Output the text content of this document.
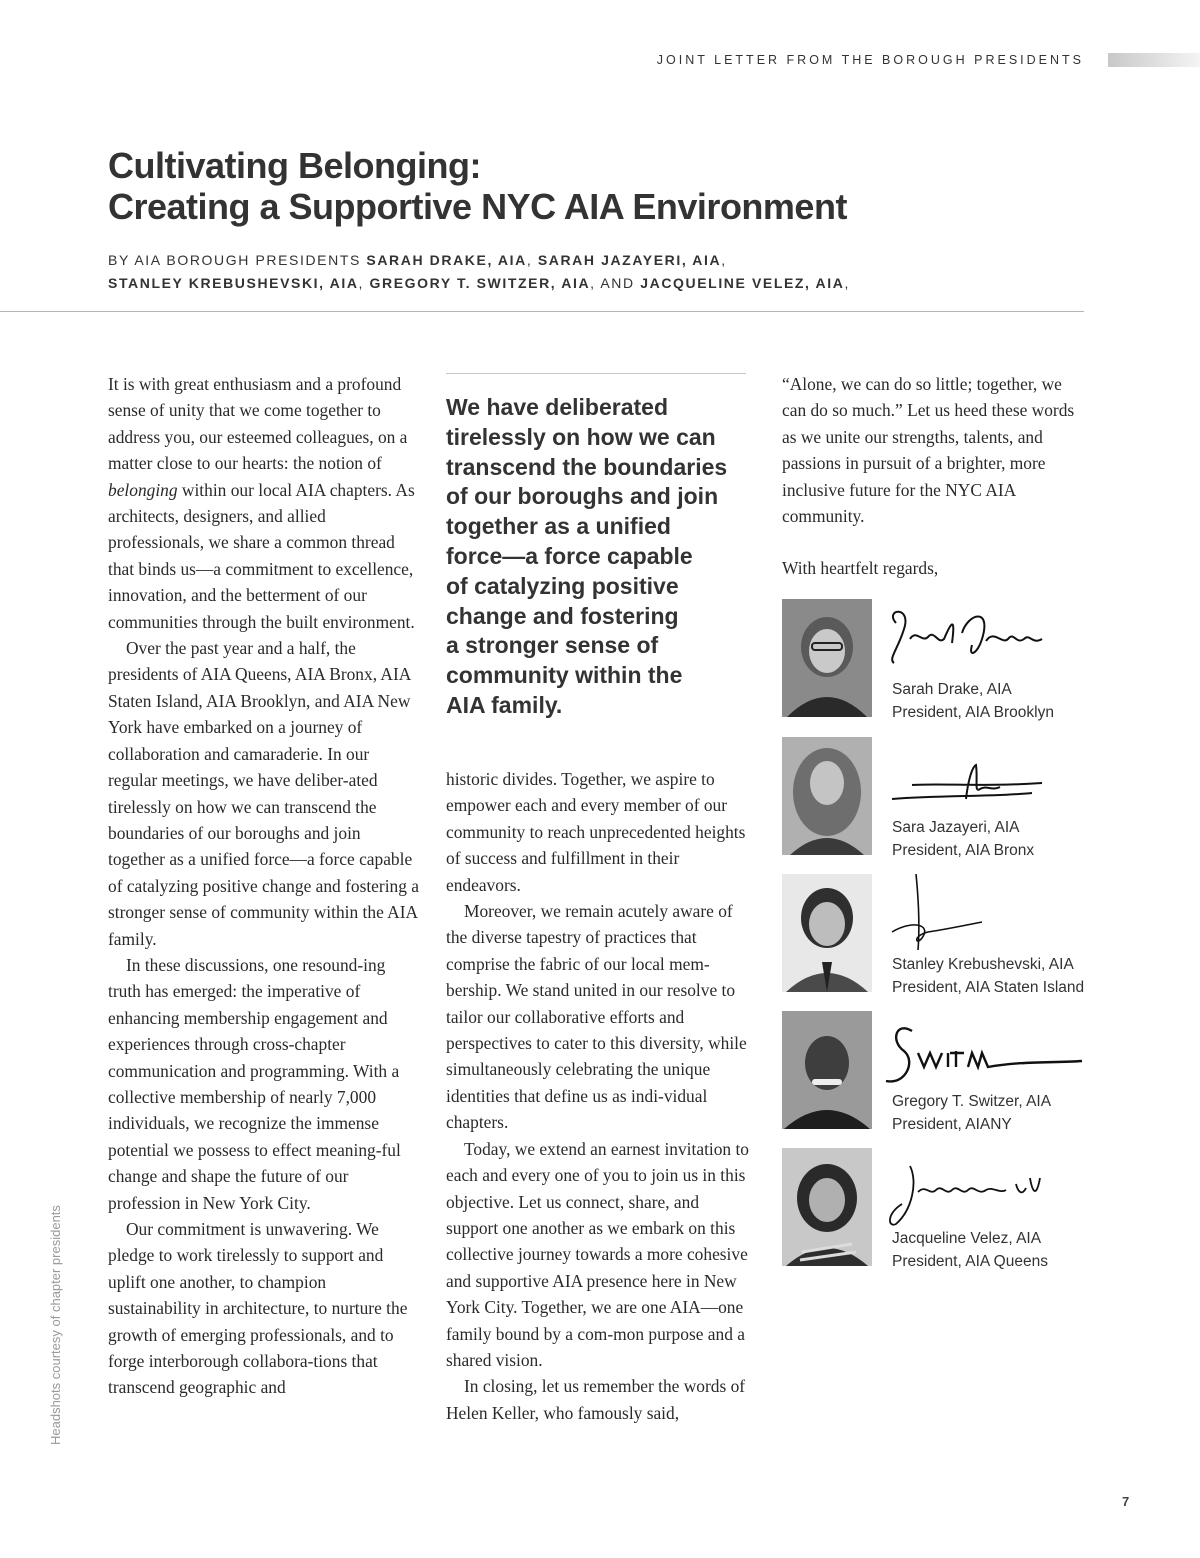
JOINT LETTER FROM THE BOROUGH PRESIDENTS
Cultivating Belonging:
Creating a Supportive NYC AIA Environment
BY AIA BOROUGH PRESIDENTS SARAH DRAKE, AIA, SARAH JAZAYERI, AIA,
STANLEY KREBUSHEVSKI, AIA, GREGORY T. SWITZER, AIA, AND JACQUELINE VELEZ, AIA,

It is with great enthusiasm and a profound sense of unity that we come together to address you, our esteemed colleagues, on a matter close to our hearts: the notion of belonging within our local AIA chapters. As architects, designers, and allied professionals, we share a common thread that binds us—a commitment to excellence, innovation, and the betterment of our communities through the built environment.

Over the past year and a half, the presidents of AIA Queens, AIA Bronx, AIA Staten Island, AIA Brooklyn, and AIA New York have embarked on a journey of collaboration and camaraderie. In our regular meetings, we have deliber-ated tirelessly on how we can transcend the boundaries of our boroughs and join together as a unified force—a force capable of catalyzing positive change and fostering a stronger sense of community within the AIA family.

In these discussions, one resound-ing truth has emerged: the imperative of enhancing membership engagement and experiences through cross-chapter communication and programming. With a collective membership of nearly 7,000 individuals, we recognize the immense potential we possess to effect meaning-ful change and shape the future of our profession in New York City.

Our commitment is unwavering. We pledge to work tirelessly to support and uplift one another, to champion sustainability in architecture, to nurture the growth of emerging professionals, and to forge interborough collabora-tions that transcend geographic and

We have deliberated
tirelessly on how we can
transcend the boundaries
of our boroughs and join
together as a unified
force—a force capable
of catalyzing positive
change and fostering
a stronger sense of
community within the
AIA family.

historic divides. Together, we aspire to empower each and every member of our community to reach unprecedented heights of success and fulfillment in their endeavors.

Moreover, we remain acutely aware of the diverse tapestry of practices that comprise the fabric of our local mem-bership. We stand united in our resolve to tailor our collaborative efforts and perspectives to cater to this diversity, while simultaneously celebrating the unique identities that define us as indi-vidual chapters.

Today, we extend an earnest invitation to each and every one of you to join us in this objective. Let us connect, share, and support one another as we embark on this collective journey towards a more cohesive and supportive AIA presence here in New York City. Together, we are one AIA—one family bound by a com-mon purpose and a shared vision.

In closing, let us remember the words of Helen Keller, who famously said,

“Alone, we can do so little; together, we can do so much.” Let us heed these words as we unite our strengths, talents, and passions in pursuit of a brighter, more inclusive future for the NYC AIA community.

With heartfelt regards,

Sarah Drake, AIA
President, AIA Brooklyn
Sara Jazayeri, AIA
President, AIA Bronx
Stanley Krebushevski, AIA
President, AIA Staten Island
Gregory T. Switzer, AIA
President, AIANY
Jacqueline Velez, AIA
President, AIA Queens
Headshots courtesy of chapter presidents
7
